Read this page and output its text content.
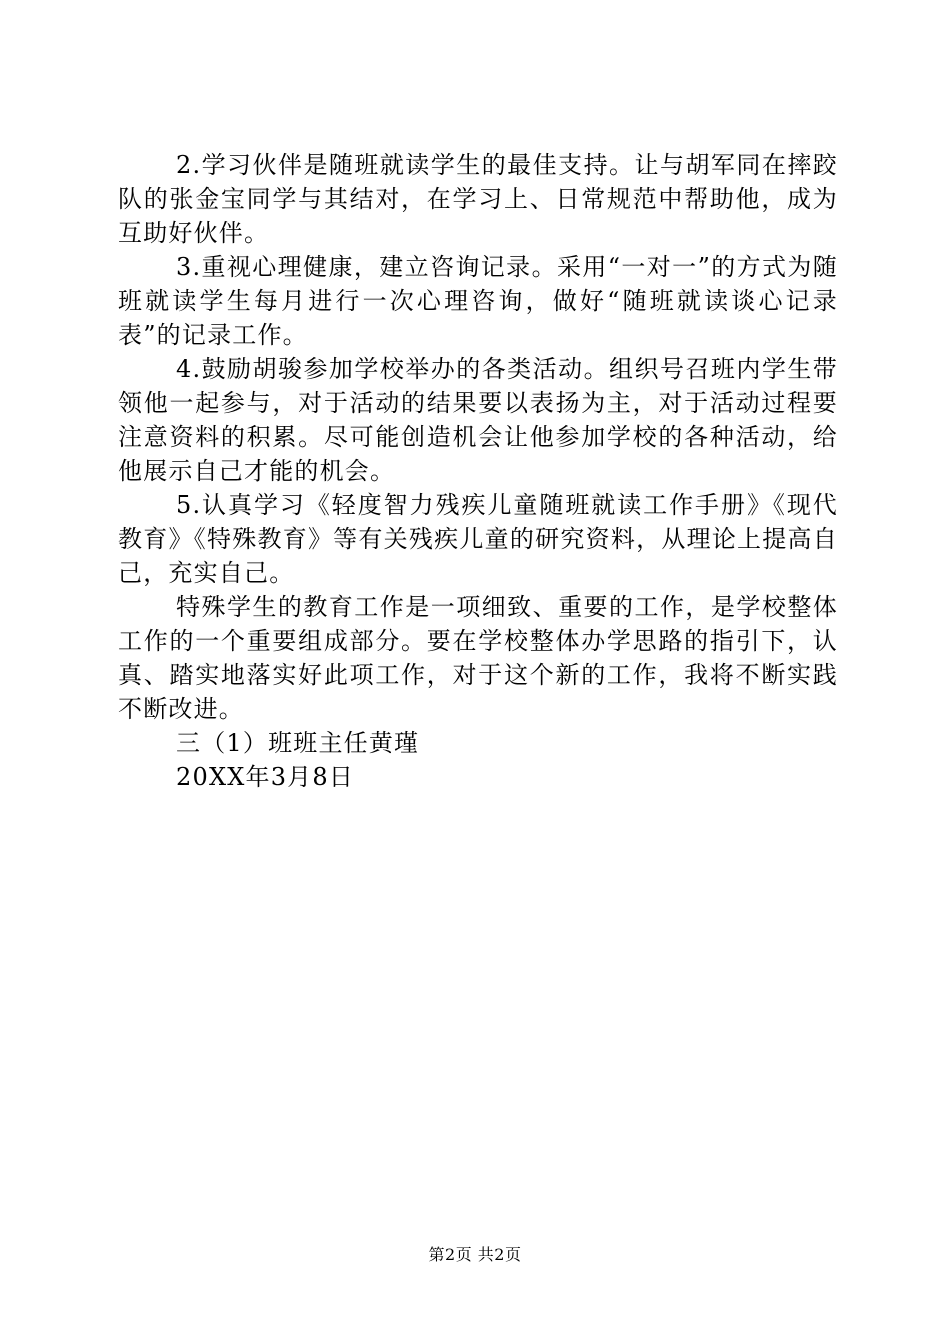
2.学习伙伴是随班就读学生的最佳支持。让与胡军同在摔跤队的张金宝同学与其结对，在学习上、日常规范中帮助他，成为互助好伙伴。

3.重视心理健康，建立咨询记录。采用“一对一”的方式为随班就读学生每月进行一次心理咨询，做好“随班就读谈心记录表”的记录工作。

4.鼓励胡骏参加学校举办的各类活动。组织号召班内学生带领他一起参与，对于活动的结果要以表扬为主，对于活动过程要注意资料的积累。尽可能创造机会让他参加学校的各种活动，给他展示自己才能的机会。

5.认真学习《轻度智力残疾儿童随班就读工作手册》《现代教育》《特殊教育》等有关残疾儿童的研究资料，从理论上提高自己，充实自己。

特殊学生的教育工作是一项细致、重要的工作，是学校整体工作的一个重要组成部分。要在学校整体办学思路的指引下，认真、踏实地落实好此项工作，对于这个新的工作，我将不断实践不断改进。

三（1）班班主任黄瑾

20XX年3月8日

第2页 共2页
